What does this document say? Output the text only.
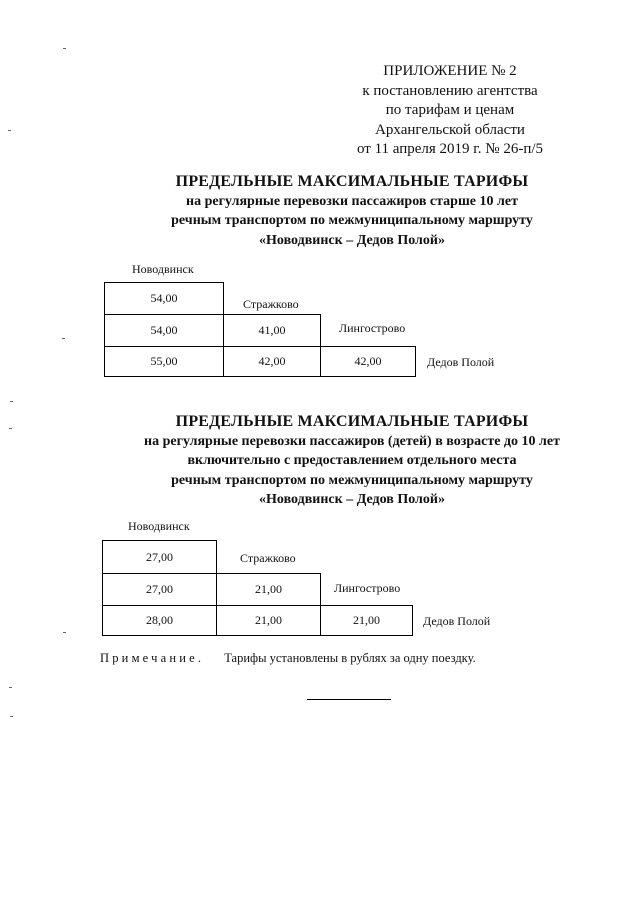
ПРИЛОЖЕНИЕ № 2
к постановлению агентства
по тарифам и ценам
Архангельской области
от 11 апреля 2019 г. № 26-п/5
ПРЕДЕЛЬНЫЕ МАКСИМАЛЬНЫЕ ТАРИФЫ
на регулярные перевозки пассажиров старше 10 лет
речным транспортом по межмуниципальному маршруту
«Новодвинск – Дедов Полой»
Новодвинск
Стражково
Лингострово
Дедов Полой
54,00
54,00	41,00
55,00	42,00	42,00
ПРЕДЕЛЬНЫЕ МАКСИМАЛЬНЫЕ ТАРИФЫ
на регулярные перевозки пассажиров (детей) в возрасте до 10 лет
включительно с предоставлением отдельного места
речным транспортом по межмуниципальному маршруту
«Новодвинск – Дедов Полой»
Новодвинск
Стражково
Лингострово
Дедов Полой
27,00
27,00	21,00
28,00	21,00	21,00
Примечание. Тарифы установлены в рублях за одну поездку.
